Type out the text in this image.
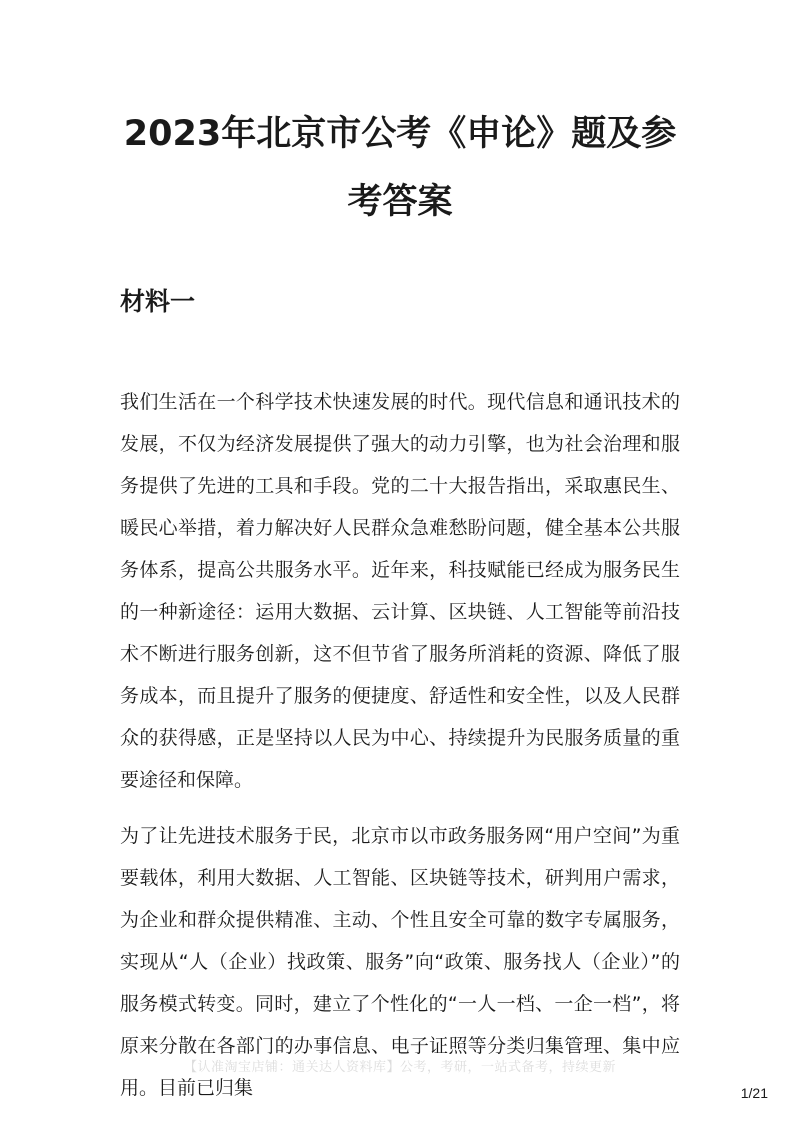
2023年北京市公考《申论》题及参考答案
材料一

我们生活在一个科学技术快速发展的时代。现代信息和通讯技术的发展，不仅为经济发展提供了强大的动力引擎，也为社会治理和服务提供了先进的工具和手段。党的二十大报告指出，采取惠民生、暖民心举措，着力解决好人民群众急难愁盼问题，健全基本公共服务体系，提高公共服务水平。近年来，科技赋能已经成为服务民生的一种新途径：运用大数据、云计算、区块链、人工智能等前沿技术不断进行服务创新，这不但节省了服务所消耗的资源、降低了服务成本，而且提升了服务的便捷度、舒适性和安全性，以及人民群众的获得感，正是坚持以人民为中心、持续提升为民服务质量的重要途径和保障。

为了让先进技术服务于民，北京市以市政务服务网“用户空间”为重要载体，利用大数据、人工智能、区块链等技术，研判用户需求，为企业和群众提供精准、主动、个性且安全可靠的数字专属服务，实现从“人（企业）找政策、服务”向“政策、服务找人（企业）”的服务模式转变。同时，建立了个性化的“一人一档、一企一档”，将原来分散在各部门的办事信息、电子证照等分类归集管理、集中应用。目前已归集

【认准淘宝店铺：通关达人资料库】公考，考研，一站式备考，持续更新
1/21
